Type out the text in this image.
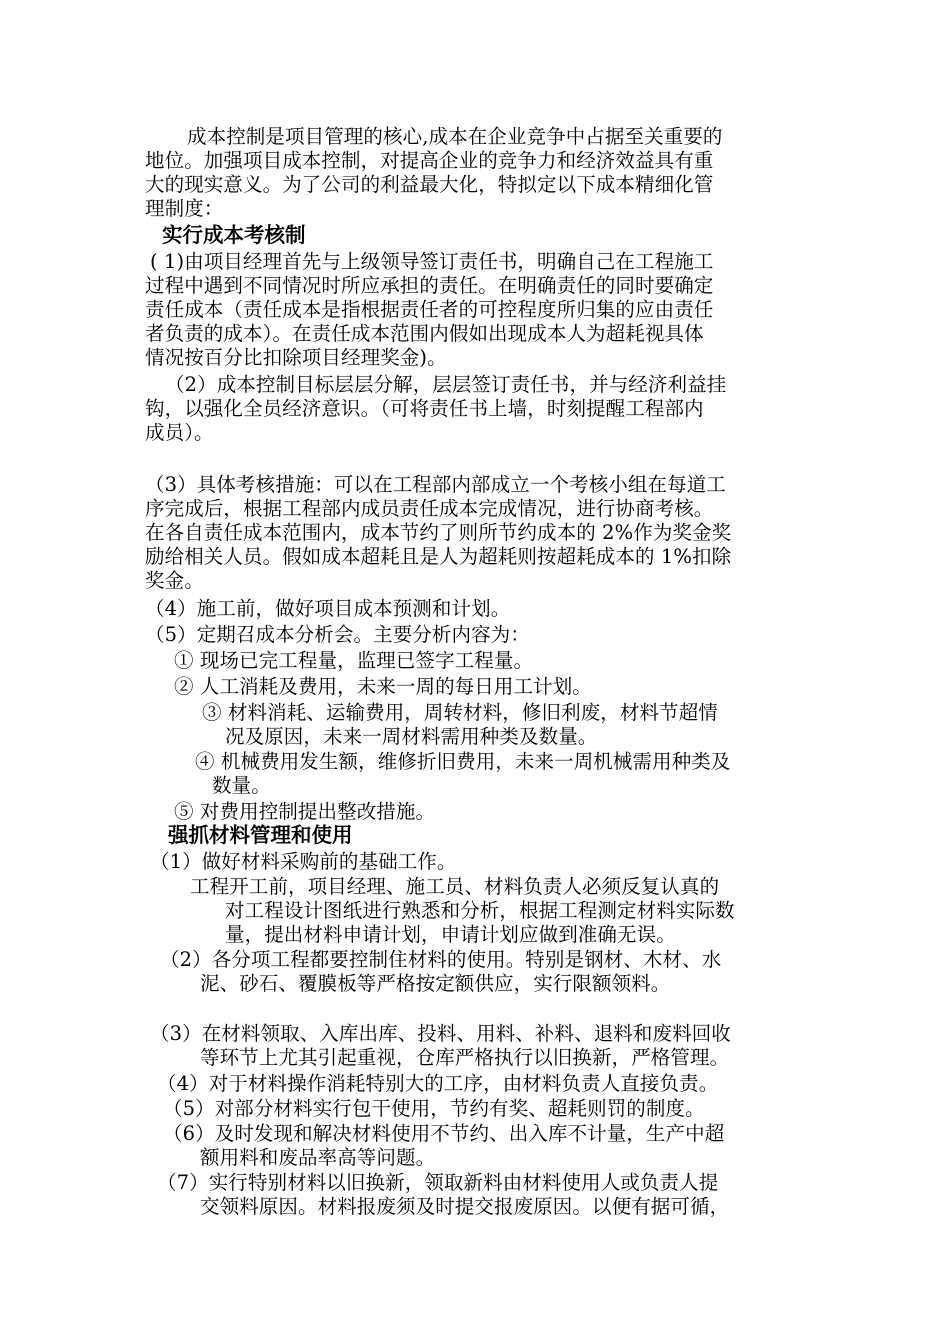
成本控制是项目管理的核心,成本在企业竞争中占据至关重要的
地位。加强项目成本控制，对提高企业的竞争力和经济效益具有重
大的现实意义。为了公司的利益最大化，特拟定以下成本精细化管
理制度：
实行成本考核制
( 1)由项目经理首先与上级领导签订责任书，明确自己在工程施工
过程中遇到不同情况时所应承担的责任。在明确责任的同时要确定
责任成本（责任成本是指根据责任者的可控程度所归集的应由责任
者负责的成本）。在责任成本范围内假如出现成本人为超耗视具体
情况按百分比扣除项目经理奖金)。
（2）成本控制目标层层分解，层层签订责任书，并与经济利益挂
钩，以强化全员经济意识。（可将责任书上墙，时刻提醒工程部内
成员）。
（3）具体考核措施：可以在工程部内部成立一个考核小组在每道工
序完成后，根据工程部内成员责任成本完成情况，进行协商考核。
在各自责任成本范围内，成本节约了则所节约成本的 2%作为奖金奖
励给相关人员。假如成本超耗且是人为超耗则按超耗成本的 1%扣除
奖金。
（4）施工前，做好项目成本预测和计划。
（5）定期召成本分析会。主要分析内容为：
① 现场已完工程量，监理已签字工程量。
② 人工消耗及费用，未来一周的每日用工计划。
③ 材料消耗、运输费用，周转材料，修旧利废，材料节超情
况及原因，未来一周材料需用种类及数量。
④ 机械费用发生额，维修折旧费用，未来一周机械需用种类及
数量。
⑤ 对费用控制提出整改措施。
强抓材料管理和使用
（1）做好材料采购前的基础工作。
工程开工前，项目经理、施工员、材料负责人必须反复认真的
对工程设计图纸进行熟悉和分析，根据工程测定材料实际数
量，提出材料申请计划，申请计划应做到准确无误。
（2）各分项工程都要控制住材料的使用。特别是钢材、木材、水
泥、砂石、覆膜板等严格按定额供应，实行限额领料。
（3）在材料领取、入库出库、投料、用料、补料、退料和废料回收
等环节上尤其引起重视，仓库严格执行以旧换新，严格管理。
（4）对于材料操作消耗特别大的工序，由材料负责人直接负责。
（5）对部分材料实行包干使用，节约有奖、超耗则罚的制度。
（6）及时发现和解决材料使用不节约、出入库不计量，生产中超
额用料和废品率高等问题。
（7）实行特别材料以旧换新，领取新料由材料使用人或负责人提
交领料原因。材料报废须及时提交报废原因。以便有据可循，
